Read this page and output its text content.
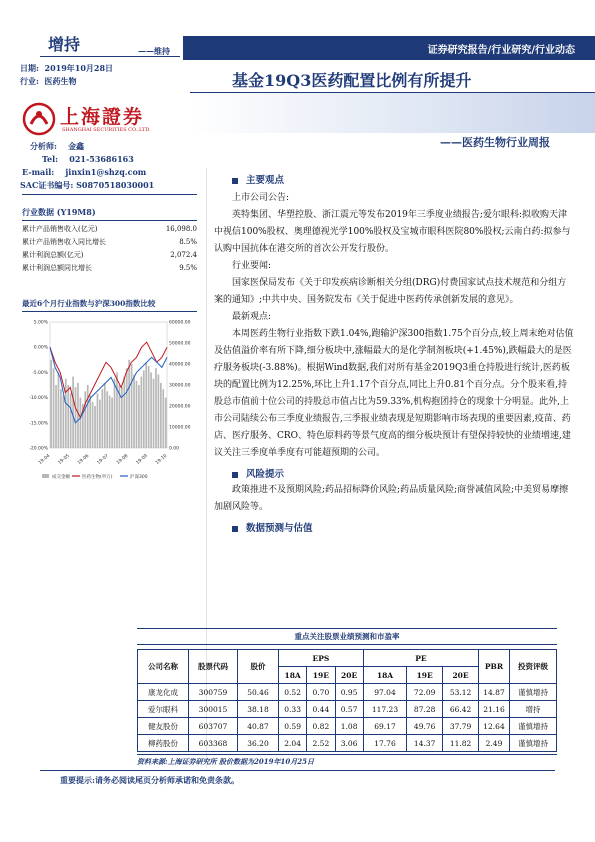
增持	——维持	证券研究报告/行业研究/行业动态
日期: 2019年10月28日
行业: 医药生物
上海證券
SHANGHAI SECURITIES CO.,LTD.
基金19Q3医药配置比例有所提升
——医药生物行业周报
分析师: 金鑫
Tel: 021-53686163
E-mail: jinxin1@shzq.com
SAC证书编号: S0870518030001
行业数据 (Y19M8)
累计产品销售收入(亿元)	16,098.0
累计产品销售收入同比增长	8.5%
累计利润总额(亿元)	2,072.4
累计利润总额同比增长	9.5%
最近6个月行业指数与沪深300指数比较
5.00%
0.00%
-5.00%
-10.00%
-15.00%
-20.00%
60000.00
50000.00
40000.00
30000.00
20000.00
10000.00
0.00
19-04 19-05 19-06 19-07 19-08 19-09 19-10
成交金额	医药生物(申万)	沪深300
主要观点
上市公司公告:
英特集团、华塑控股、浙江震元等发布2019年三季度业绩报告;爱尔眼科:拟收购天津中视信100%股权、奥理德视光学100%股权及宝城市眼科医院80%股权;云南白药:拟参与认购中国抗体在港交所的首次公开发行股份。
行业要闻:
国家医保局发布《关于印发疾病诊断相关分组(DRG)付费国家试点技术规范和分组方案的通知》;中共中央、国务院发布《关于促进中医药传承创新发展的意见》。
最新观点:
本周医药生物行业指数下跌1.04%,跑输沪深300指数1.75个百分点,较上周末绝对估值及估值溢价率有所下降,细分板块中,涨幅最大的是化学制剂板块(+1.45%),跌幅最大的是医疗服务板块(-3.88%)。根据Wind数据,我们对所有基金2019Q3重仓持股进行统计,医药板块的配置比例为12.25%,环比上升1.17个百分点,同比上升0.81个百分点。分个股来看,持股总市值前十位公司的持股总市值占比为59.33%,机构抱团持仓的现象十分明显。此外,上市公司陆续公布三季度业绩报告,三季报业绩表现是短期影响市场表现的重要因素,疫苗、药店、医疗服务、CRO、特色原料药等景气度高的细分板块预计有望保持较快的业绩增速,建议关注三季度单季度有可能超预期的公司。
风险提示
政策推进不及预期风险;药品招标降价风险;药品质量风险;商誉减值风险;中美贸易摩擦加剧风险等。
数据预测与估值
重点关注股票业绩预测和市盈率
公司名称	股票代码	股价	EPS			PE			PBR	投资评级
			18A	19E	20E	18A	19E	20E		
康龙化成	300759	50.46	0.52	0.70	0.95	97.04	72.09	53.12	14.87	谨慎增持
爱尔眼科	300015	38.18	0.33	0.44	0.57	117.23	87.28	66.42	21.16	增持
健友股份	603707	40.87	0.59	0.82	1.08	69.17	49.76	37.79	12.64	谨慎增持
柳药股份	603368	36.20	2.04	2.52	3.06	17.76	14.37	11.82	2.49	谨慎增持
资料来源:上海证券研究所 股价数据为2019年10月25日
重要提示:请务必阅读尾页分析师承诺和免责条款。
